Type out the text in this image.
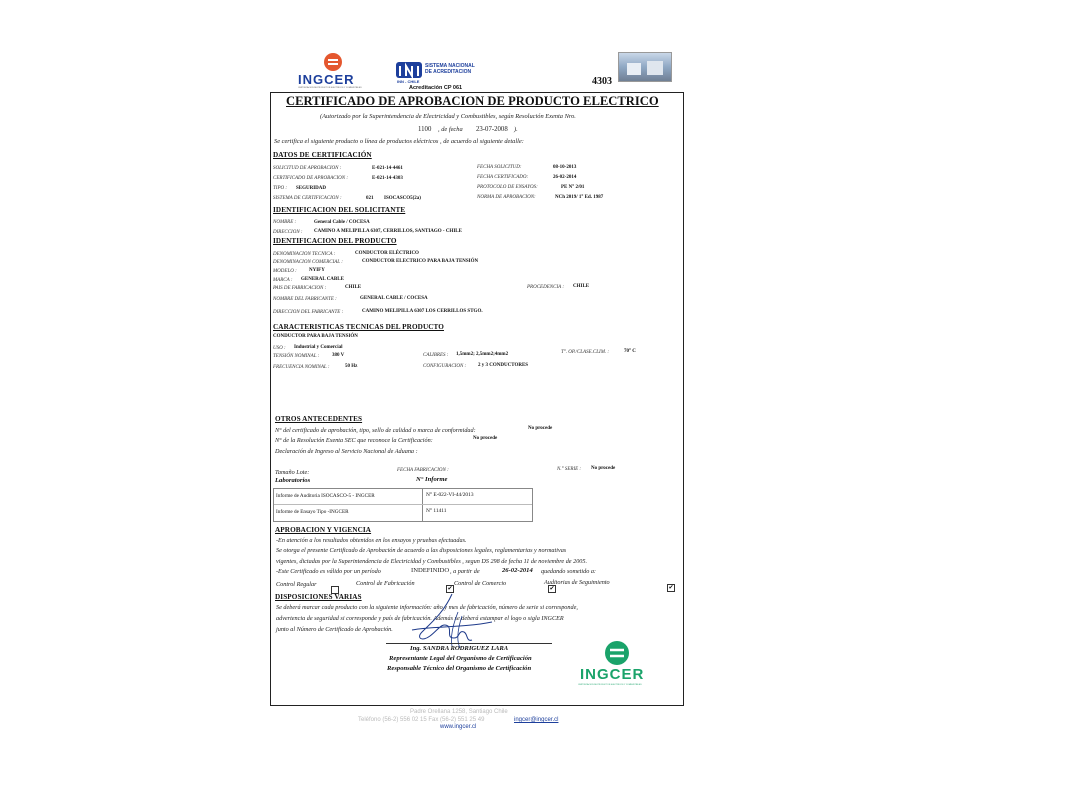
INGCER
CERTIFICACION DE PRODUCTOS ELECTRICOS Y COMBUSTIBLES
SISTEMA NACIONAL
DE ACREDITACION
INN - CHILE
Acreditación CP 061
4303
CERTIFICADO DE APROBACION DE PRODUCTO ELECTRICO
(Autorizado por la Superintendencia de Electricidad y Combustibles, según Resolución Exenta Nro.
1100 , de fecha 23-07-2008 ).
Se certifica el siguiente producto o línea de productos eléctricos , de acuerdo al siguiente detalle:
DATOS DE CERTIFICACIÓN
SOLICITUD DE APROBACION :	E-021-14-4461
CERTIFICADO DE APROBACION :	E-021-14-4303
TIPO : SEGURIDAD
SISTEMA DE CERTIFICACION :	021 ISOCASCO5(2a)
FECHA SOLICITUD:	08-10-2013
FECHA CERTIFICADO:	26-02-2014
PROTOCOLO DE ENSAYOS:	PE N° 2/01
NORMA DE APROBACION:	NCh 2019/ 1° Ed. 1987
IDENTIFICACION DEL SOLICITANTE
NOMBRE :	General Cable / COCESA
DIRECCION : CAMINO A MELIPILLA 6307, CERRILLOS, SANTIAGO - CHILE
IDENTIFICACION DEL PRODUCTO
DENOMINACION TECNICA :	CONDUCTOR ELÉCTRICO
DENOMINACION COMERCIAL :	CONDUCTOR ELECTRICO PARA BAJA TENSIÓN
MODELO : NYIFY
MARCA : GENERAL CABLE
PAIS DE FABRICACION :	CHILE	PROCEDENCIA : CHILE
NOMBRE DEL FABRICANTE :	GENERAL CABLE / COCESA
DIRECCION DEL FABRICANTE :	CAMINO MELIPILLA 6307 LOS CERRILLOS STGO.
CARACTERISTICAS TECNICAS DEL PRODUCTO
CONDUCTOR PARA BAJA TENSIÓN
USO : Industrial y Comercial
TENSIÓN NOMINAL :	380 V
FRECUENCIA NOMINAL :	50 Hz
CALIBRES : 1,5mm2; 2,5mm2;4mm2
CONFIGURACION : 2 y 3 CONDUCTORES
T°. OP./CLASE.CLIM. :	70° C
OTROS ANTECEDENTES
N° del certificado de aprobación, tipo, sello de calidad o marca de conformidad:	No procede
N° de la Resolución Exenta SEC que reconoce la Certificación:	No procede
Declaración de Ingreso al Servicio Nacional de Aduana :
Tamaño Lote:	FECHA FABRICACION :	N.° SERIE : No procede
Laboratorios	N° Informe
Informe de Auditoria ISOCASCO-5 - INGCER	N° E-022-VI-44/2013
Informe de Ensayo Tipo -INGCER	N° 11411
APROBACION Y VIGENCIA
-En atención a los resultados obtenidos en los ensayos y pruebas efectuadas.
Se otorga el presente Certificado de Aprobación de acuerdo a las disposiciones legales, reglamentarias y normativas
vigentes, dictadas por la Superintendencia de Electricidad y Combustibles , segun DS 298 de fecha 11 de noviembre de 2005.
-Este Certificado es válido por un período	INDEFINIDO , a partir de	26-02-2014 quedando sometido a:
Control Regular
	Control de Fabricación
✔
Control de Comercio
✔
Auditorias de Seguimiento
✔
DISPOSICIONES VARIAS
Se deberá marcar cada producto con la siguiente información: año y mes de fabricación, número de serie si corresponde,
advertencia de seguridad si corresponde y país de fabricación. Además se deberá estampar el logo o sigla INGCER
junto al Número de Certificado de Aprobación.
Ing. SANDRA RODRIGUEZ LARA
Representante Legal del Organismo de Certificación
Responsable Técnico del Organismo de Certificación	INGCER
CERTIFICACION DE PRODUCTOS ELECTRICOS Y COMBUSTIBLES
Padre Orellana 1258, Santiago Chile
Teléfono (56-2) 556 02 15 Fax (56-2) 551 25 49	ingcer@ingcer.cl
www.ingcer.cl
